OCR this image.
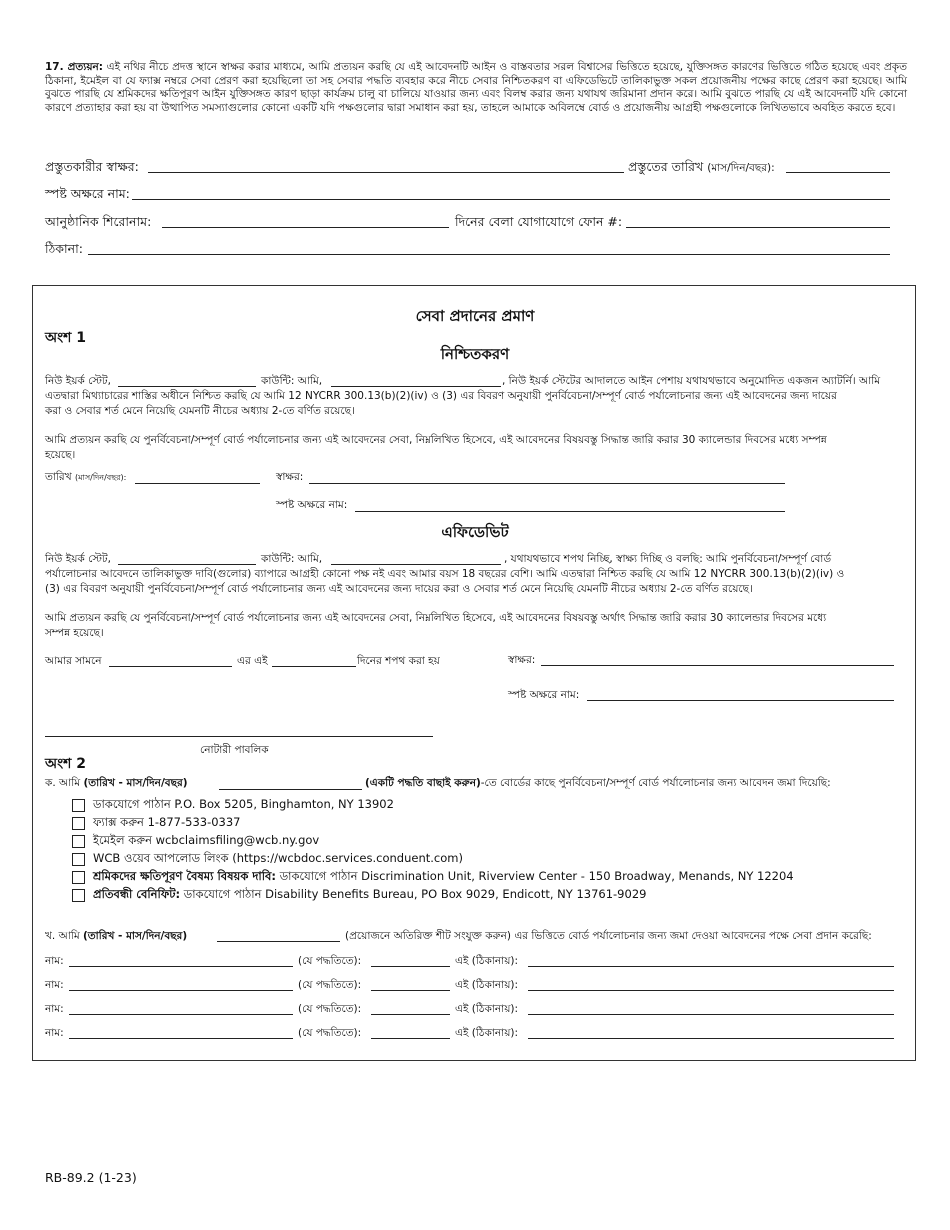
17. প্রত্যয়ন: এই নথির নীচে প্রদত্ত স্থানে স্বাক্ষর করার মাধ্যমে, আমি প্রত্যয়ন করছি যে এই আবেদনটি আইন ও বাস্তবতার সরল বিশ্বাসের ভিত্তিতে হয়েছে, যুক্তিসঙ্গত কারণের ভিত্তিতে গঠিত হয়েছে এবং প্রকৃত ঠিকানা, ইমেইল বা যে ফ্যাক্স নম্বরে সেবা প্রেরণ করা হয়েছিলো তা সহ সেবার পদ্ধতি ব্যবহার করে নীচে সেবার নিশ্চিতকরণ বা এফিডেভিটে তালিকাভুক্ত সকল প্রয়োজনীয় পক্ষের কাছে প্রেরণ করা হয়েছে। আমি বুঝতে পারছি যে শ্রমিকদের ক্ষতিপূরণ আইন যুক্তিসঙ্গত কারণ ছাড়া কার্যক্রম চালু বা চালিয়ে যাওয়ার জন্য এবং বিলম্ব করার জন্য যথাযথ জরিমানা প্রদান করে। আমি বুঝতে পারছি যে এই আবেদনটি যদি কোনো কারণে প্রত্যাহার করা হয় বা উত্থাপিত সমস্যাগুলোর কোনো একটি যদি পক্ষগুলোর দ্বারা সমাধান করা হয়, তাহলে আমাকে অবিলম্বে বোর্ড ও প্রয়োজনীয় আগ্রহী পক্ষগুলোকে লিখিতভাবে অবহিত করতে হবে।
প্রস্তুতকারীর স্বাক্ষর:	প্রস্তুতের তারিখ (মাস/দিন/বছর):
স্পষ্ট অক্ষরে নাম:
আনুষ্ঠানিক শিরোনাম:	দিনের বেলা যোগাযোগে ফোন #:
ঠিকানা:
সেবা প্রদানের প্রমাণ
অংশ 1
নিশ্চিতকরণ
নিউ ইয়র্ক স্টেট,	কাউন্টি: আমি,	, নিউ ইয়র্ক স্টেটের আদালতে আইন পেশায় যথাযথভাবে অনুমোদিত একজন অ্যাটর্নি। আমি
এতদ্বারা মিথ্যাচারের শাস্তির অধীনে নিশ্চিত করছি যে আমি 12 NYCRR 300.13(b)(2)(iv) ও (3) এর বিবরণ অনুযায়ী পুনর্বিবেচনা/সম্পূর্ণ বোর্ড পর্যালোচনার জন্য এই আবেদনের জন্য দায়ের
করা ও সেবার শর্ত মেনে নিয়েছি যেমনটি নীচের অধ্যায় 2-তে বর্ণিত রয়েছে।
আমি প্রত্যয়ন করছি যে পুনর্বিবেচনা/সম্পূর্ণ বোর্ড পর্যালোচনার জন্য এই আবেদনের সেবা, নিম্নলিখিত হিসেবে, এই আবেদনের বিষয়বস্তু সিদ্ধান্ত জারি করার 30 ক্যালেন্ডার দিবসের মধ্যে সম্পন্ন
হয়েছে।
তারিখ (মাস/দিন/বছর):	স্বাক্ষর:
স্পষ্ট অক্ষরে নাম:
এফিডেভিট
নিউ ইয়র্ক স্টেট,	কাউন্টি: আমি,	, যথাযথভাবে শপথ নিচ্ছি, স্বাক্ষ্য দিচ্ছি ও বলছি: আমি পুনর্বিবেচনা/সম্পূর্ণ বোর্ড
পর্যালোচনার আবেদনে তালিকাভুক্ত দাবি(গুলোর) ব্যাপারে আগ্রহী কোনো পক্ষ নই এবং আমার বয়স 18 বছরের বেশি। আমি এতদ্বারা নিশ্চিত করছি যে আমি 12 NYCRR 300.13(b)(2)(iv) ও
(3) এর বিবরণ অনুযায়ী পুনর্বিবেচনা/সম্পূর্ণ বোর্ড পর্যালোচনার জন্য এই আবেদনের জন্য দায়ের করা ও সেবার শর্ত মেনে নিয়েছি যেমনটি নীচের অধ্যায় 2-তে বর্ণিত রয়েছে।
আমি প্রত্যয়ন করছি যে পুনর্বিবেচনা/সম্পূর্ণ বোর্ড পর্যালোচনার জন্য এই আবেদনের সেবা, নিম্নলিখিত হিসেবে, এই আবেদনের বিষয়বস্তু অর্থাৎ সিদ্ধান্ত জারি করার 30 ক্যালেন্ডার দিবসের মধ্যে
সম্পন্ন হয়েছে।
আমার সামনে	এর এই	দিনের শপথ করা হয়	স্বাক্ষর:
স্পষ্ট অক্ষরে নাম:
নোটারী পাবলিক
অংশ 2
ক. আমি (তারিখ - মাস/দিন/বছর)	(একটি পদ্ধতি বাছাই করুন)-তে বোর্ডের কাছে পুনর্বিবেচনা/সম্পূর্ণ বোর্ড পর্যালোচনার জন্য আবেদন জমা দিয়েছি:
ডাকযোগে পাঠান P.O. Box 5205, Binghamton, NY 13902
ফ্যাক্স করুন 1-877-533-0337
ইমেইল করুন wcbclaimsfiling@wcb.ny.gov
WCB ওয়েব আপলোড লিংক (https://wcbdoc.services.conduent.com)
শ্রমিকদের ক্ষতিপূরণ বৈষম্য বিষয়ক দাবি: ডাকযোগে পাঠান Discrimination Unit, Riverview Center - 150 Broadway, Menands, NY 12204
প্রতিবন্ধী বেনিফিট: ডাকযোগে পাঠান Disability Benefits Bureau, PO Box 9029, Endicott, NY 13761-9029
খ. আমি (তারিখ - মাস/দিন/বছর)	(প্রয়োজনে অতিরিক্ত শীট সংযুক্ত করুন) এর ভিত্তিতে বোর্ড পর্যালোচনার জন্য জমা দেওয়া আবেদনের পক্ষে সেবা প্রদান করেছি:
নাম:	(যে পদ্ধতিতে):	এই (ঠিকানায়):
নাম:	(যে পদ্ধতিতে):	এই (ঠিকানায়):
নাম:	(যে পদ্ধতিতে):	এই (ঠিকানায়):
নাম:	(যে পদ্ধতিতে):	এই (ঠিকানায়):
RB-89.2 (1-23)
